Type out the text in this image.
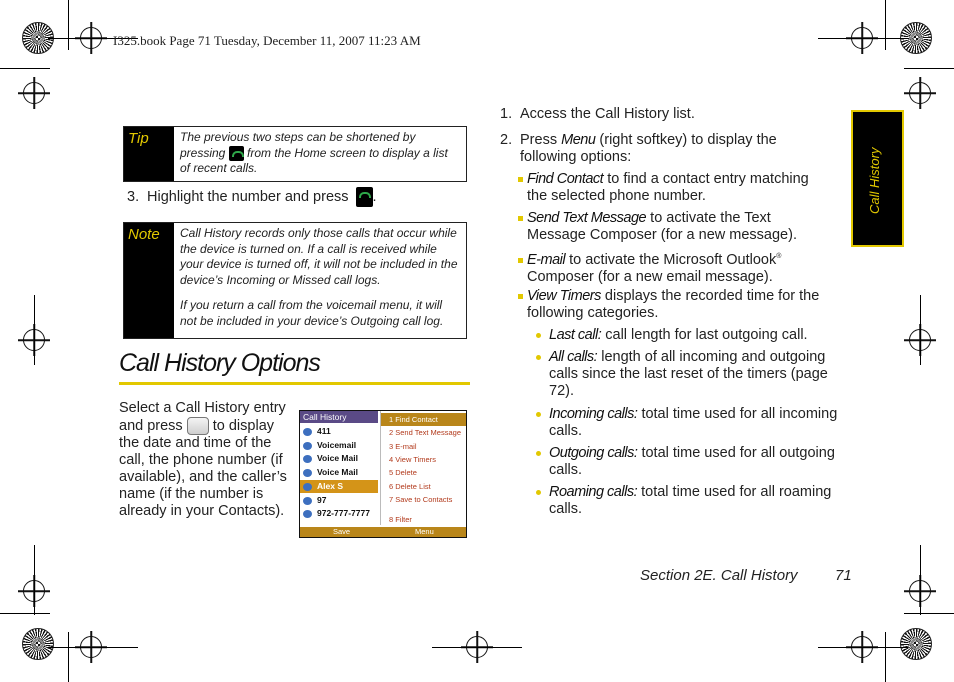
I325.book Page 71 Tuesday, December 11, 2007 11:23 AM
Tip	The previous two steps can be shortened by pressing from the Home screen to display a list of recent calls.
3. Highlight the number and press .
Note	Call History records only those calls that occur while the device is turned on. If a call is received while your device is turned off, it will not be included in the device’s Incoming or Missed call logs.

If you return a call from the voicemail menu, it will not be included in your device’s Outgoing call log.

Call History Options
Select a Call History entry and press to display the date and time of the call, the phone number (if available), and the caller’s name (if the number is already in your Contacts).
Call History
411
Voicemail
Voice Mail
Voice Mail
Alex S
97
972-777-7777
1 Find Contact
2 Send Text Message
3 E-mail
4 View Timers
5 Delete
6 Delete List
7 Save to Contacts
8 Filter
Save	Menu
1. Access the Call History list.
2. Press Menu (right softkey) to display the following options:
Find Contact to find a contact entry matching the selected phone number.
Send Text Message to activate the Text Message Composer (for a new message).
E-mail to activate the Microsoft Outlook® Composer (for a new email message).
View Timers displays the recorded time for the following categories.
Last call: call length for last outgoing call.
All calls: length of all incoming and outgoing calls since the last reset of the timers (page 72).
Incoming calls: total time used for all incoming calls.
Outgoing calls: total time used for all outgoing calls.
Roaming calls: total time used for all roaming calls.
Call History
Section 2E. Call History 71
